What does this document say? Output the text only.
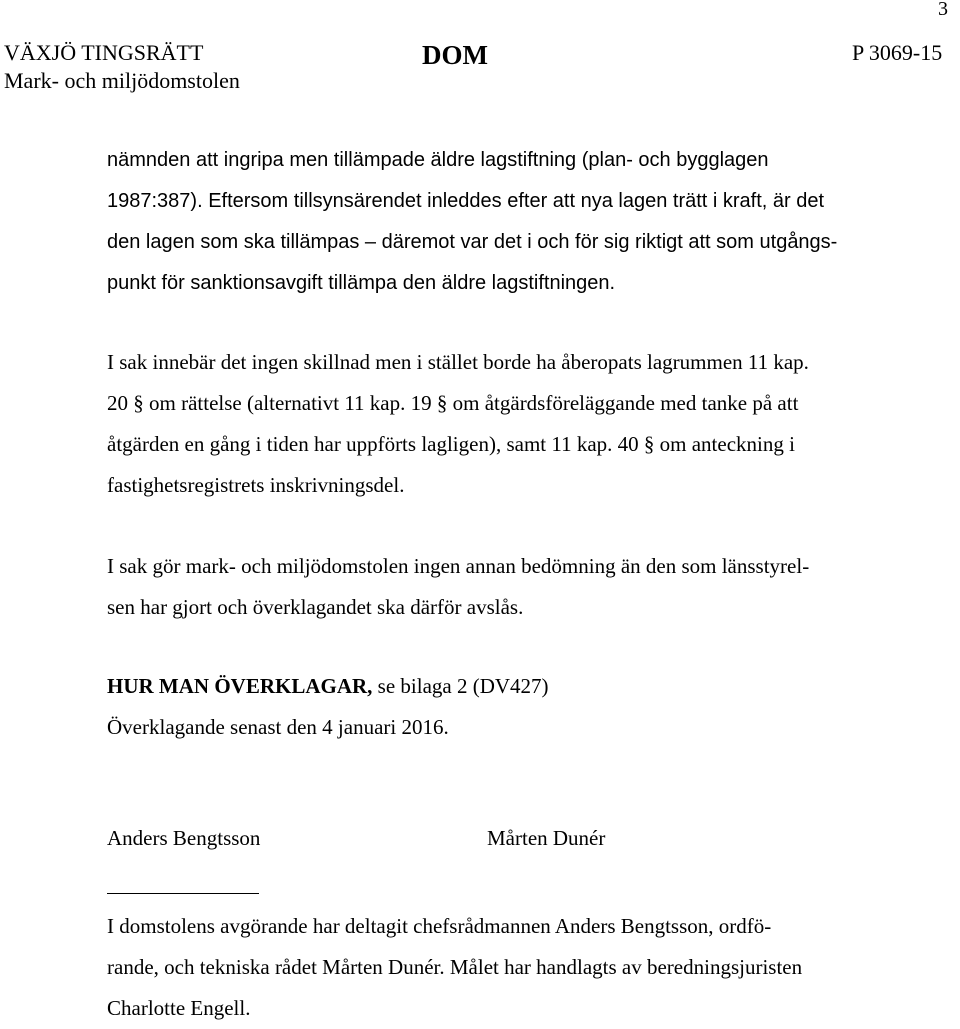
3
VÄXJÖ TINGSRÄTT
Mark- och miljödomstolen
DOM	P 3069-15
nämnden att ingripa men tillämpade äldre lagstiftning (plan- och bygglagen
1987:387). Eftersom tillsynsärendet inleddes efter att nya lagen trätt i kraft, är det
den lagen som ska tillämpas – däremot var det i och för sig riktigt att som utgångs-
punkt för sanktionsavgift tillämpa den äldre lagstiftningen.
I sak innebär det ingen skillnad men i stället borde ha åberopats lagrummen 11 kap.
20 § om rättelse (alternativt 11 kap. 19 § om åtgärdsföreläggande med tanke på att
åtgärden en gång i tiden har uppförts lagligen), samt 11 kap. 40 § om anteckning i
fastighetsregistrets inskrivningsdel.
I sak gör mark- och miljödomstolen ingen annan bedömning än den som länsstyrel-
sen har gjort och överklagandet ska därför avslås.
HUR MAN ÖVERKLAGAR, se bilaga 2 (DV427)
Överklagande senast den 4 januari 2016.
Anders Bengtsson	Mårten Dunér
I domstolens avgörande har deltagit chefsrådmannen Anders Bengtsson, ordfö-
rande, och tekniska rådet Mårten Dunér. Målet har handlagts av beredningsjuristen
Charlotte Engell.
